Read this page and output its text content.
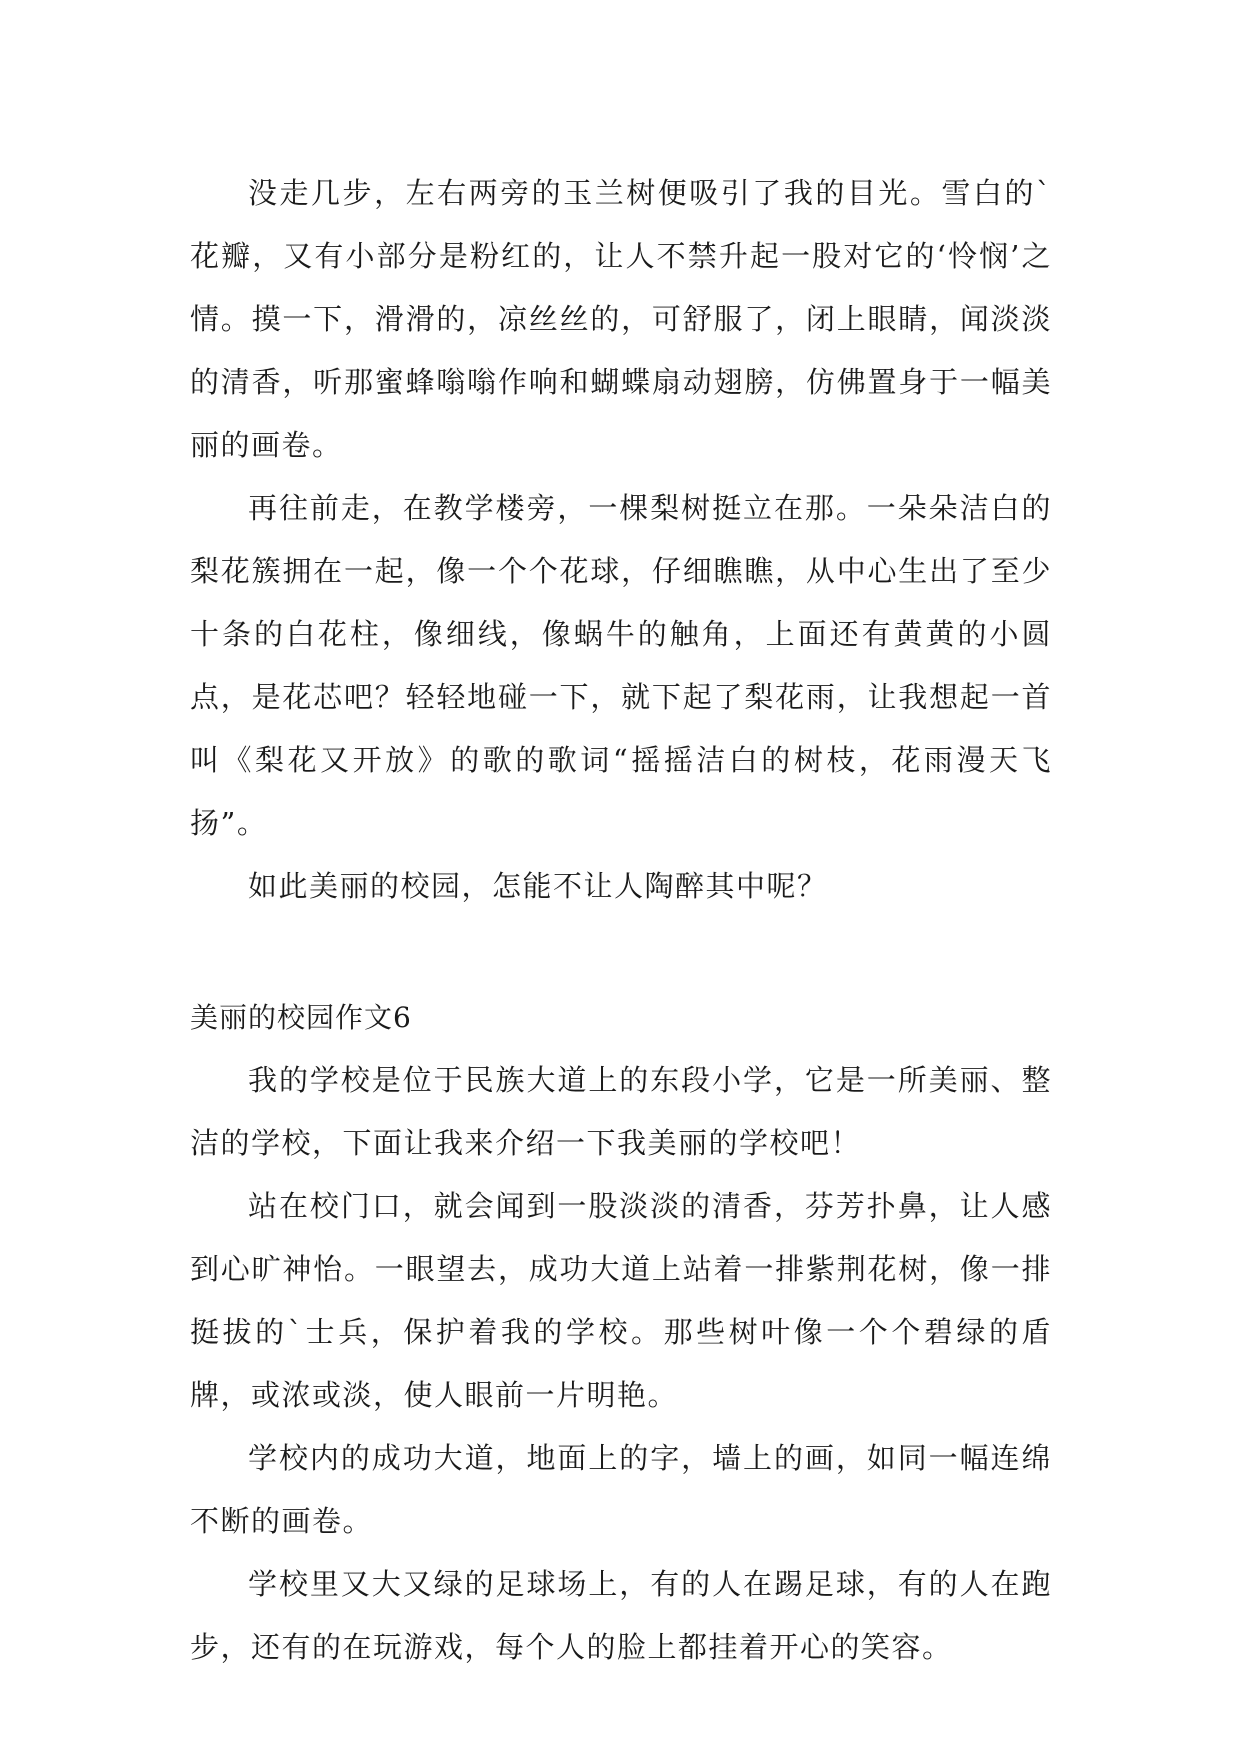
没走几步，左右两旁的玉兰树便吸引了我的目光。雪白的`花瓣，又有小部分是粉红的，让人不禁升起一股对它的‘怜悯’之情。摸一下，滑滑的，凉丝丝的，可舒服了，闭上眼睛，闻淡淡的清香，听那蜜蜂嗡嗡作响和蝴蝶扇动翅膀，仿佛置身于一幅美丽的画卷。

再往前走，在教学楼旁，一棵梨树挺立在那。一朵朵洁白的梨花簇拥在一起，像一个个花球，仔细瞧瞧，从中心生出了至少十条的白花柱，像细线，像蜗牛的触角，上面还有黄黄的小圆点，是花芯吧？轻轻地碰一下，就下起了梨花雨，让我想起一首叫《梨花又开放》的歌的歌词“摇摇洁白的树枝，花雨漫天飞扬”。

如此美丽的校园，怎能不让人陶醉其中呢？

美丽的校园作文6

我的学校是位于民族大道上的东段小学，它是一所美丽、整洁的学校，下面让我来介绍一下我美丽的学校吧！

站在校门口，就会闻到一股淡淡的清香，芬芳扑鼻，让人感到心旷神怡。一眼望去，成功大道上站着一排紫荆花树，像一排挺拔的`士兵，保护着我的学校。那些树叶像一个个碧绿的盾牌，或浓或淡，使人眼前一片明艳。

学校内的成功大道，地面上的字，墙上的画，如同一幅连绵不断的画卷。

学校里又大又绿的足球场上，有的人在踢足球，有的人在跑步，还有的在玩游戏，每个人的脸上都挂着开心的笑容。
